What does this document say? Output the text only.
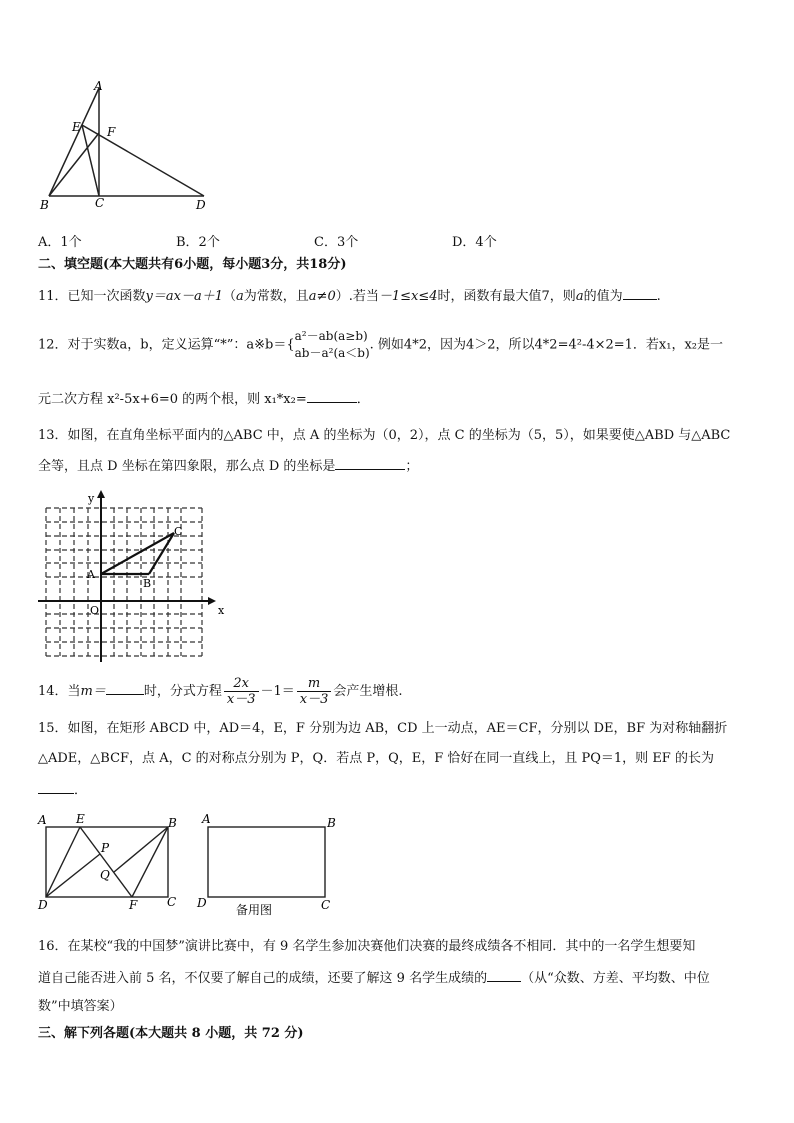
A
E F
B	C	D
A．1个	B．2个	C．3个	D．4个
二、填空题(本大题共有6小题，每小题3分，共18分)
11．已知一次函数y＝ax－a＋1（a为常数，且a≠0）.若当－1≤x≤4时，函数有最大值7，则a的值为	.
12．对于实数a，b，定义运算“*”：a※b＝{
a²－ab(a≥b)
ab－a²(a＜b)
. 例如4*2，因为4＞2，所以4*2=4²-4×2=1．若x₁，x₂是一
元二次方程 x²-5x+6=0 的两个根，则 x₁*x₂=	．
13．如图，在直角坐标平面内的△ABC 中，点 A 的坐标为（0，2），点 C 的坐标为（5，5），如果要使△ABD 与△ABC
全等，且点 D 坐标在第四象限，那么点 D 的坐标是	；
x
y
O
A
B
C
14．当m＝	时，分式方程 $\frac{2x}{x-3} -1= \frac{m}{x-3}$ 会产生增根.
15．如图，在矩形 ABCD 中，AD＝4，E，F 分别为边 AB，CD 上一动点，AE＝CF，分别以 DE，BF 为对称轴翻折
△ADE，△BCF，点 A，C 的对称点分别为 P，Q．若点 P，Q，E，F 恰好在同一直线上，且 PQ＝1，则 EF 的长为
．
A E	B
P
Q
D	F C
A	B
D	C
备用图
16．在某校“我的中国梦”演讲比赛中，有 9 名学生参加决赛他们决赛的最终成绩各不相同．其中的一名学生想要知
道自己能否进入前 5 名，不仅要了解自己的成绩，还要了解这 9 名学生成绩的	（从“众数、方差、平均数、中位
数”中填答案）
三、解下列各题(本大题共 8 小题，共 72 分)
